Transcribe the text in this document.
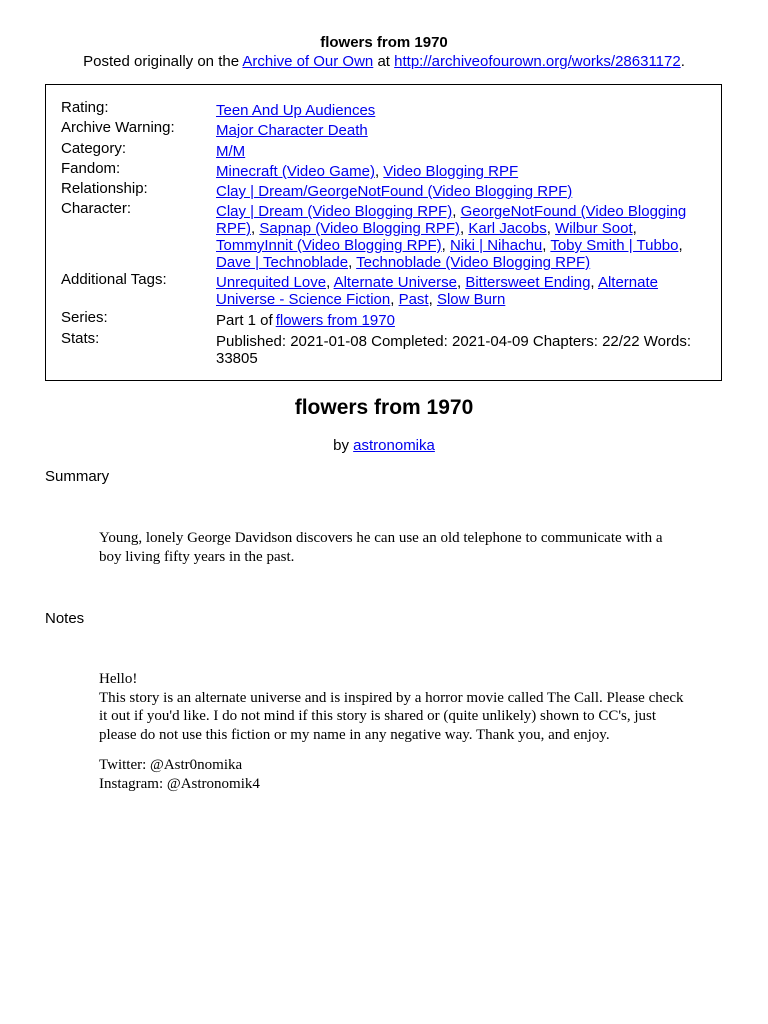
flowers from 1970
Posted originally on the Archive of Our Own at http://archiveofourown.org/works/28631172.
Rating:	Teen And Up Audiences
Archive Warning:	Major Character Death
Category:	M/M
Fandom:	Minecraft (Video Game), Video Blogging RPF
Relationship:	Clay | Dream/GeorgeNotFound (Video Blogging RPF)
Character:	Clay | Dream (Video Blogging RPF), GeorgeNotFound (Video Blogging RPF), Sapnap (Video Blogging RPF), Karl Jacobs, Wilbur Soot, TommyInnit (Video Blogging RPF), Niki | Nihachu, Toby Smith | Tubbo, Dave | Technoblade, Technoblade (Video Blogging RPF)
Additional Tags:	Unrequited Love, Alternate Universe, Bittersweet Ending, Alternate Universe - Science Fiction, Past, Slow Burn
Series:	Part 1 of flowers from 1970
Stats:	Published: 2021-01-08 Completed: 2021-04-09 Chapters: 22/22 Words: 33805
flowers from 1970
by astronomika
Summary

Young, lonely George Davidson discovers he can use an old telephone to communicate with a boy living fifty years in the past.

Notes

Hello!

This story is an alternate universe and is inspired by a horror movie called The Call. Please check it out if you'd like. I do not mind if this story is shared or (quite unlikely) shown to CC's, just please do not use this fiction or my name in any negative way. Thank you, and enjoy.

Twitter: @Astr0nomika

Instagram: @Astronomik4
